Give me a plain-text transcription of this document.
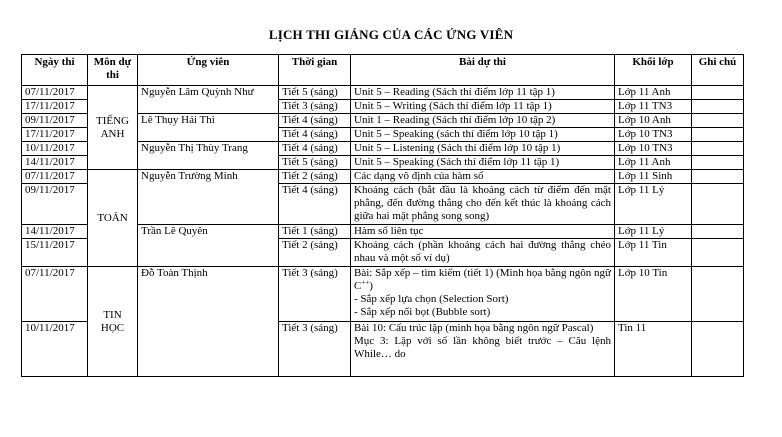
LỊCH THI GIẢNG CỦA CÁC ỨNG VIÊN
Ngày thi	Môn dự thi	Ứng viên	Thời gian	Bài dự thi	Khối lớp	Ghi chú
07/11/2017	TIẾNG ANH	Nguyễn Lâm Quỳnh Như	Tiết 5 (sáng)	Unit 5 – Reading (Sách thí điểm lớp 11 tập 1)	Lớp 11 Anh	
17/11/2017			Tiết 3 (sáng)	Unit 5 – Writing (Sách thí điểm lớp 11 tập 1)	Lớp 11 TN3	
09/11/2017		Lê Thụy Hải Thi	Tiết 4 (sáng)	Unit 1 – Reading (Sách thí điểm lớp 10 tập 2)	Lớp 10 Anh	
17/11/2017			Tiết 4 (sáng)	Unit 5 – Speaking (sách thí điểm lớp 10 tập 1)	Lớp 10 TN3	
10/11/2017		Nguyễn Thị Thùy Trang	Tiết 4 (sáng)	Unit 5 – Listening (Sách thí điểm lớp 10 tập 1)	Lớp 10 TN3	
14/11/2017			Tiết 5 (sáng)	Unit 5 – Speaking (Sách thí điểm lớp 11 tập 1)	Lớp 11 Anh	
07/11/2017	TOÁN	Nguyễn Trường Minh	Tiết 2 (sáng)	Các dạng vô định của hàm số	Lớp 11 Sinh	
09/11/2017			Tiết 4 (sáng)	Khoảng cách (bắt đầu là khoảng cách từ điểm đến mặt phẳng, đến đường thẳng cho đến kết thúc là khoảng cách giữa hai mặt phẳng song song)	Lớp 11 Lý	
14/11/2017		Trần Lê Quyên	Tiết 1 (sáng)	Hàm số liên tục	Lớp 11 Lý	
15/11/2017			Tiết 2 (sáng)	Khoảng cách (phần khoảng cách hai đường thẳng chéo nhau và một số ví dụ)	Lớp 11 Tin	
07/11/2017	TIN HỌC	Đỗ Toàn Thịnh	Tiết 3 (sáng)	Bài: Sắp xếp – tìm kiếm (tiết 1) (Minh họa bằng ngôn ngữ C++)
- Sắp xếp lựa chọn (Selection Sort)
- Sắp xếp nổi bọt (Bubble sort)	Lớp 10 Tin	
10/11/2017			Tiết 3 (sáng)	Bài 10: Cấu trúc lặp (minh họa bằng ngôn ngữ Pascal)
Mục 3: Lặp với số lần không biết trước – Câu lệnh While… do	Tin 11	
